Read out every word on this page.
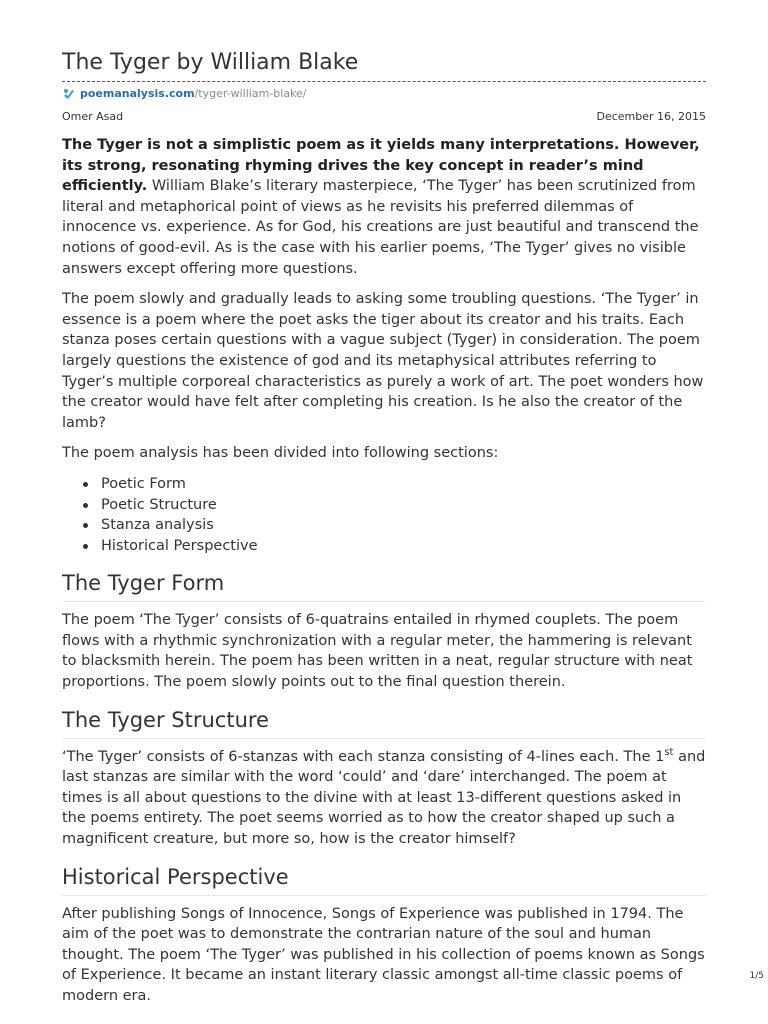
The Tyger by William Blake
poemanalysis.com /tyger-william-blake/
Omer Asad	December 16, 2015

The Tyger is not a simplistic poem as it yields many interpretations. However, its strong, resonating rhyming drives the key concept in reader’s mind efficiently. William Blake’s literary masterpiece, ‘The Tyger’ has been scrutinized from literal and metaphorical point of views as he revisits his preferred dilemmas of innocence vs. experience. As for God, his creations are just beautiful and transcend the notions of good-evil. As is the case with his earlier poems, ‘The Tyger’ gives no visible answers except offering more questions.

The poem slowly and gradually leads to asking some troubling questions. ‘The Tyger’ in essence is a poem where the poet asks the tiger about its creator and his traits. Each stanza poses certain questions with a vague subject (Tyger) in consideration. The poem largely questions the existence of god and its metaphysical attributes referring to Tyger’s multiple corporeal characteristics as purely a work of art. The poet wonders how the creator would have felt after completing his creation. Is he also the creator of the lamb?

The poem analysis has been divided into following sections:

Poetic Form
Poetic Structure
Stanza analysis
Historical Perspective
The Tyger Form

The poem ‘The Tyger’ consists of 6-quatrains entailed in rhymed couplets. The poem flows with a rhythmic synchronization with a regular meter, the hammering is relevant to blacksmith herein. The poem has been written in a neat, regular structure with neat proportions. The poem slowly points out to the final question therein.

The Tyger Structure

‘The Tyger’ consists of 6-stanzas with each stanza consisting of 4-lines each. The 1st and last stanzas are similar with the word ‘could’ and ‘dare’ interchanged. The poem at times is all about questions to the divine with at least 13-different questions asked in the poems entirety. The poet seems worried as to how the creator shaped up such a magnificent creature, but more so, how is the creator himself?

Historical Perspective

After publishing Songs of Innocence, Songs of Experience was published in 1794. The aim of the poet was to demonstrate the contrarian nature of the soul and human thought. The poem ‘The Tyger’ was published in his collection of poems known as Songs of Experience. It became an instant literary classic amongst all-time classic poems of modern era.

1/5
